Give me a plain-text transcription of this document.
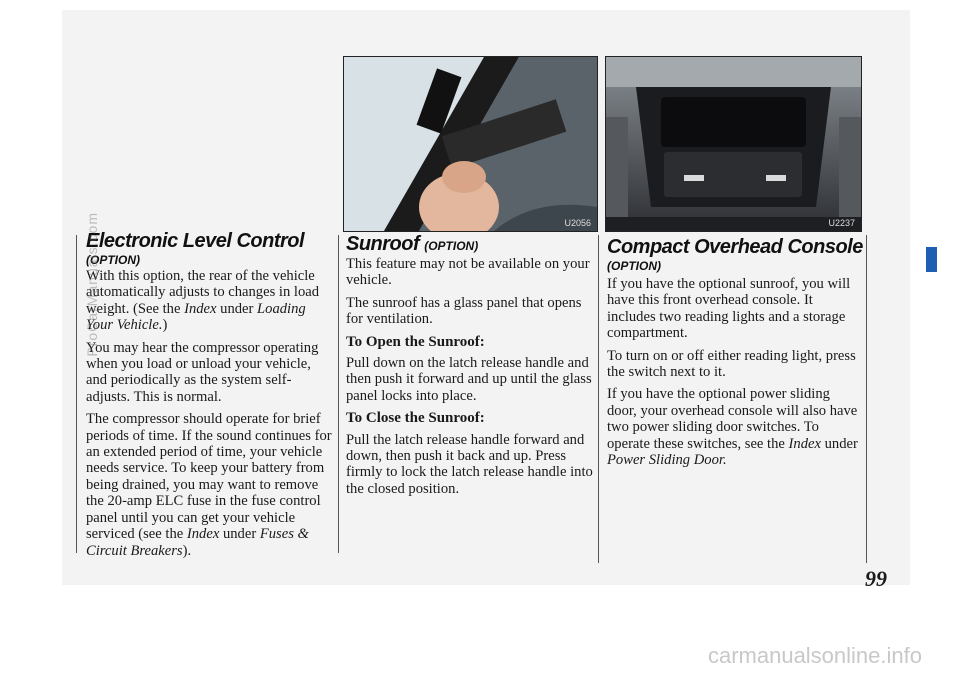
U2056	U2237
Electronic Level Control
(OPTION)

With this option, the rear of the vehicle automatically adjusts to changes in load weight. (See the Index under Loading Your Vehicle.)

You may hear the compressor operating when you load or unload your vehicle, and periodically as the system self-adjusts. This is normal.

The compressor should operate for brief periods of time. If the sound continues for an extended period of time, your vehicle needs service. To keep your battery from being drained, you may want to remove the 20-amp ELC fuse in the fuse control panel until you can get your vehicle serviced (see the Index under Fuses & Circuit Breakers).

Sunroof (OPTION)

This feature may not be available on your vehicle.

The sunroof has a glass panel that opens for ventilation.

To Open the Sunroof:

Pull down on the latch release handle and then push it forward and up until the glass panel locks into place.

To Close the Sunroof:

Pull the latch release handle forward and down, then push it back and up. Press firmly to lock the latch release handle into the closed position.

Compact Overhead Console
(OPTION)

If you have the optional sunroof, you will have this front overhead console. It includes two reading lights and a storage compartment.

To turn on or off either reading light, press the switch next to it.

If you have the optional power sliding door, your overhead console will also have two power sliding door switches. To operate these switches, see the Index under Power Sliding Door.

99
ProCarManuals.com
carmanualsonline.info
